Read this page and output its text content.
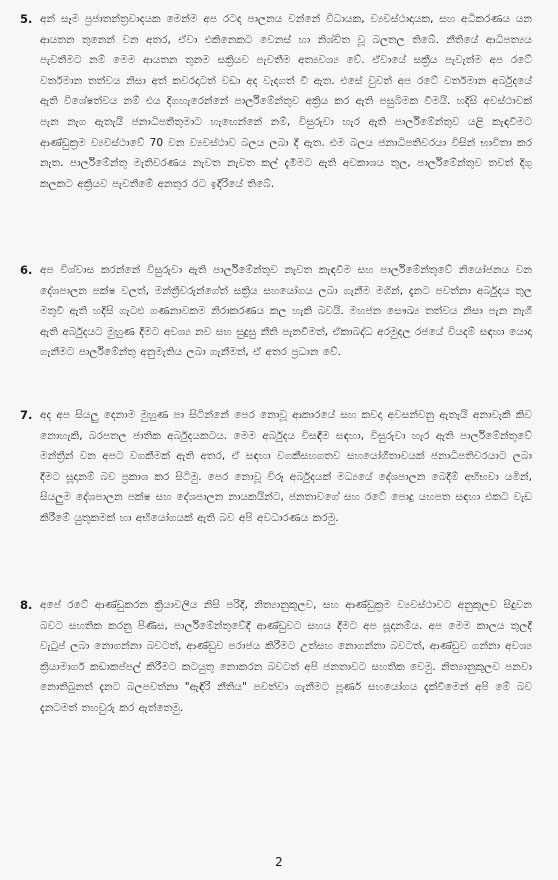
5. අන් සෑම ප්‍රජාතන්ත්‍රවාදයක මෙන්ම අප රටද පාලනය වන්නේ විධායක, ව්‍යවස්ථාදායක, සහ අධිකරණය යන ආයතන තුනෙන් වන අතර, ඒවා එකිනෙකට වෙනස් හා නිශ්චිත වූ බලතල තිබේ. නීතියේ ආධිපත්‍යය පැවතීමට නම් මෙම ආයතන තුනම සක්‍රියව පැවතීම අත්‍යවශ්‍ය වේ. ඒවායේ සක්‍රීය පැවැත්ම අප රටේ වර්තමාන තත්වය නිසා අත් කවරදාටත් වඩා අද වැදගත් වී ඇත. එසේ වුවත් අප රටේ වර්තමාන අර්බුදයේ ඇති විශේෂත්වය නම් එය දිගහැරෙන්නේ පාර්ලිමේන්තුව අක්‍රිය කර ඇති පසුබිමක වීමයි. හදිසි අවස්ථාවක් පැන නැග ඇතැයි ජනාධිපතිතුමාට හැඟෙන්නේ නම්, විසුරුවා හැර ඇති පාර්ලිමේන්තුව යළි කැඳවීමට ආණ්ඩුක්‍රම ව්‍යවස්ථාවේ 70 වන ව්‍යවස්ථාව බලය ලබා දී ඇත. එම බලය ජනාධිපතිවරයා විසින් භාවිතා කර නැත. පාර්ලිමේන්තු මැතිවරණය නැවත නැවත කල් දැමීමට ඇති අවකාශය තුල, පාර්ලිමේන්තුව තවත් දිගු කලකට අක්‍රියව පැවතීමේ අනතුර රට ඉදිරියේ තිබේ.

6. අප විශ්වාස කරන්නේ විසුරුවා ඇති පාර්ලිමේන්තුව නැවත කැඳවීම සහ පාර්ලිමේන්තුවේ නියෝජනය වන දේශපාලන පක්ෂ වලත්, මන්ත්‍රීවරුන්ගේත් සක්‍රිය සහයෝගය ලබා ගැනීම මගින්, දැනට පවත්නා අර්බුදය තුල මතුවී ඇති හදිසි ගැටළු ගණනාවකම නිරාකරණය කල හැකි බවයි. මහජන සෞඛ්‍ය තත්වය නිසා පැන නැගී ඇති අර්බුදයට මුහුණ දීමට අවශ්‍ය නව සහ සුදුසු නීති පැනවීමත්, ඒකාබද්ධ අරමුදල රජයේ වියදම් සඳහා යොදා ගැනීමට පාර්ලිමේන්තු අනුමැතිය ලබා ගැනීමත්, ඒ අතර ප්‍රධාන වේ.

7. අද අප සියලු දෙනාම මුහුණ පා සිටින්නේ පෙර නොවූ ආකාරයේ සහ කවදා අවසන්වනු ඇතැයි අනාවැකි කිව නොහැකි, බරපතල ජාතික අර්බුදයකටය. මෙම අර්බුදය විසඳීම සඳහා, විසුරුවා හැර ඇති පාර්ලිමේන්තුවේ මන්ත්‍රීන් වන අපට වගකීමක් ඇති අතර, ඒ සඳහා වගකීසහගතව සහයෝගීතාවයක් ජනාධිපතිවරයාට ලබා දීමට සූදානම් බව ප්‍රකාශ කර සිටිමු. පෙර නොවූ විරූ අර්බුදයක් මධ්‍යයේ දේශපාලන බෙදීම් අභිභවා යමින්, සියලුම දේශපාලන පක්ෂ සහ දේශපාලන නායකයින්ට, ජනතාවගේ සහ රටේ පොදු යහපත සඳහා එකට වැඩ කිරීමේ යුතුකමක් හා අභියෝගයක් ඇති බව අපි අවධාරණය කරමු.

8. අපේ රටේ ආණ්ඩුකරන ක්‍රියාවලිය නිසි පරිදි, නිත්‍යානුකූලව, සහ ආණ්ඩුක්‍රම ව්‍යවස්ථාවට අනුකූලව සිදුවන බවට සහතික කරනු පිණිස, පාර්ලිමේන්තුවේදී ආණ්ඩුවට සහය දීමට අප සූදානම්ය. අප මෙම කාලය තුලදී වැටුප් ලබා නොගන්නා බවටත්, ආණ්ඩුව පරාජය කිරීමට උත්සහ නොගන්නා බවටත්, ආණ්ඩුව ගන්නා අවශ්‍ය ක්‍රියාමාර්ග කඩාකප්පල් කිරීමට කටයුතු නොකරන බවටත් අපි ජනතාවට සහතික වෙමු. නිත්‍යානුකූලව පනවා නොතිබුනත් දැනට බලපවත්නා "ඇඳිරි නීතිය" පවත්වා ගැනීමට පූර්ණ සහයෝගය දැක්වීමෙන් අපි මේ බව දැනටමත් තහවුරු කර ඇත්තෙමු.

2
